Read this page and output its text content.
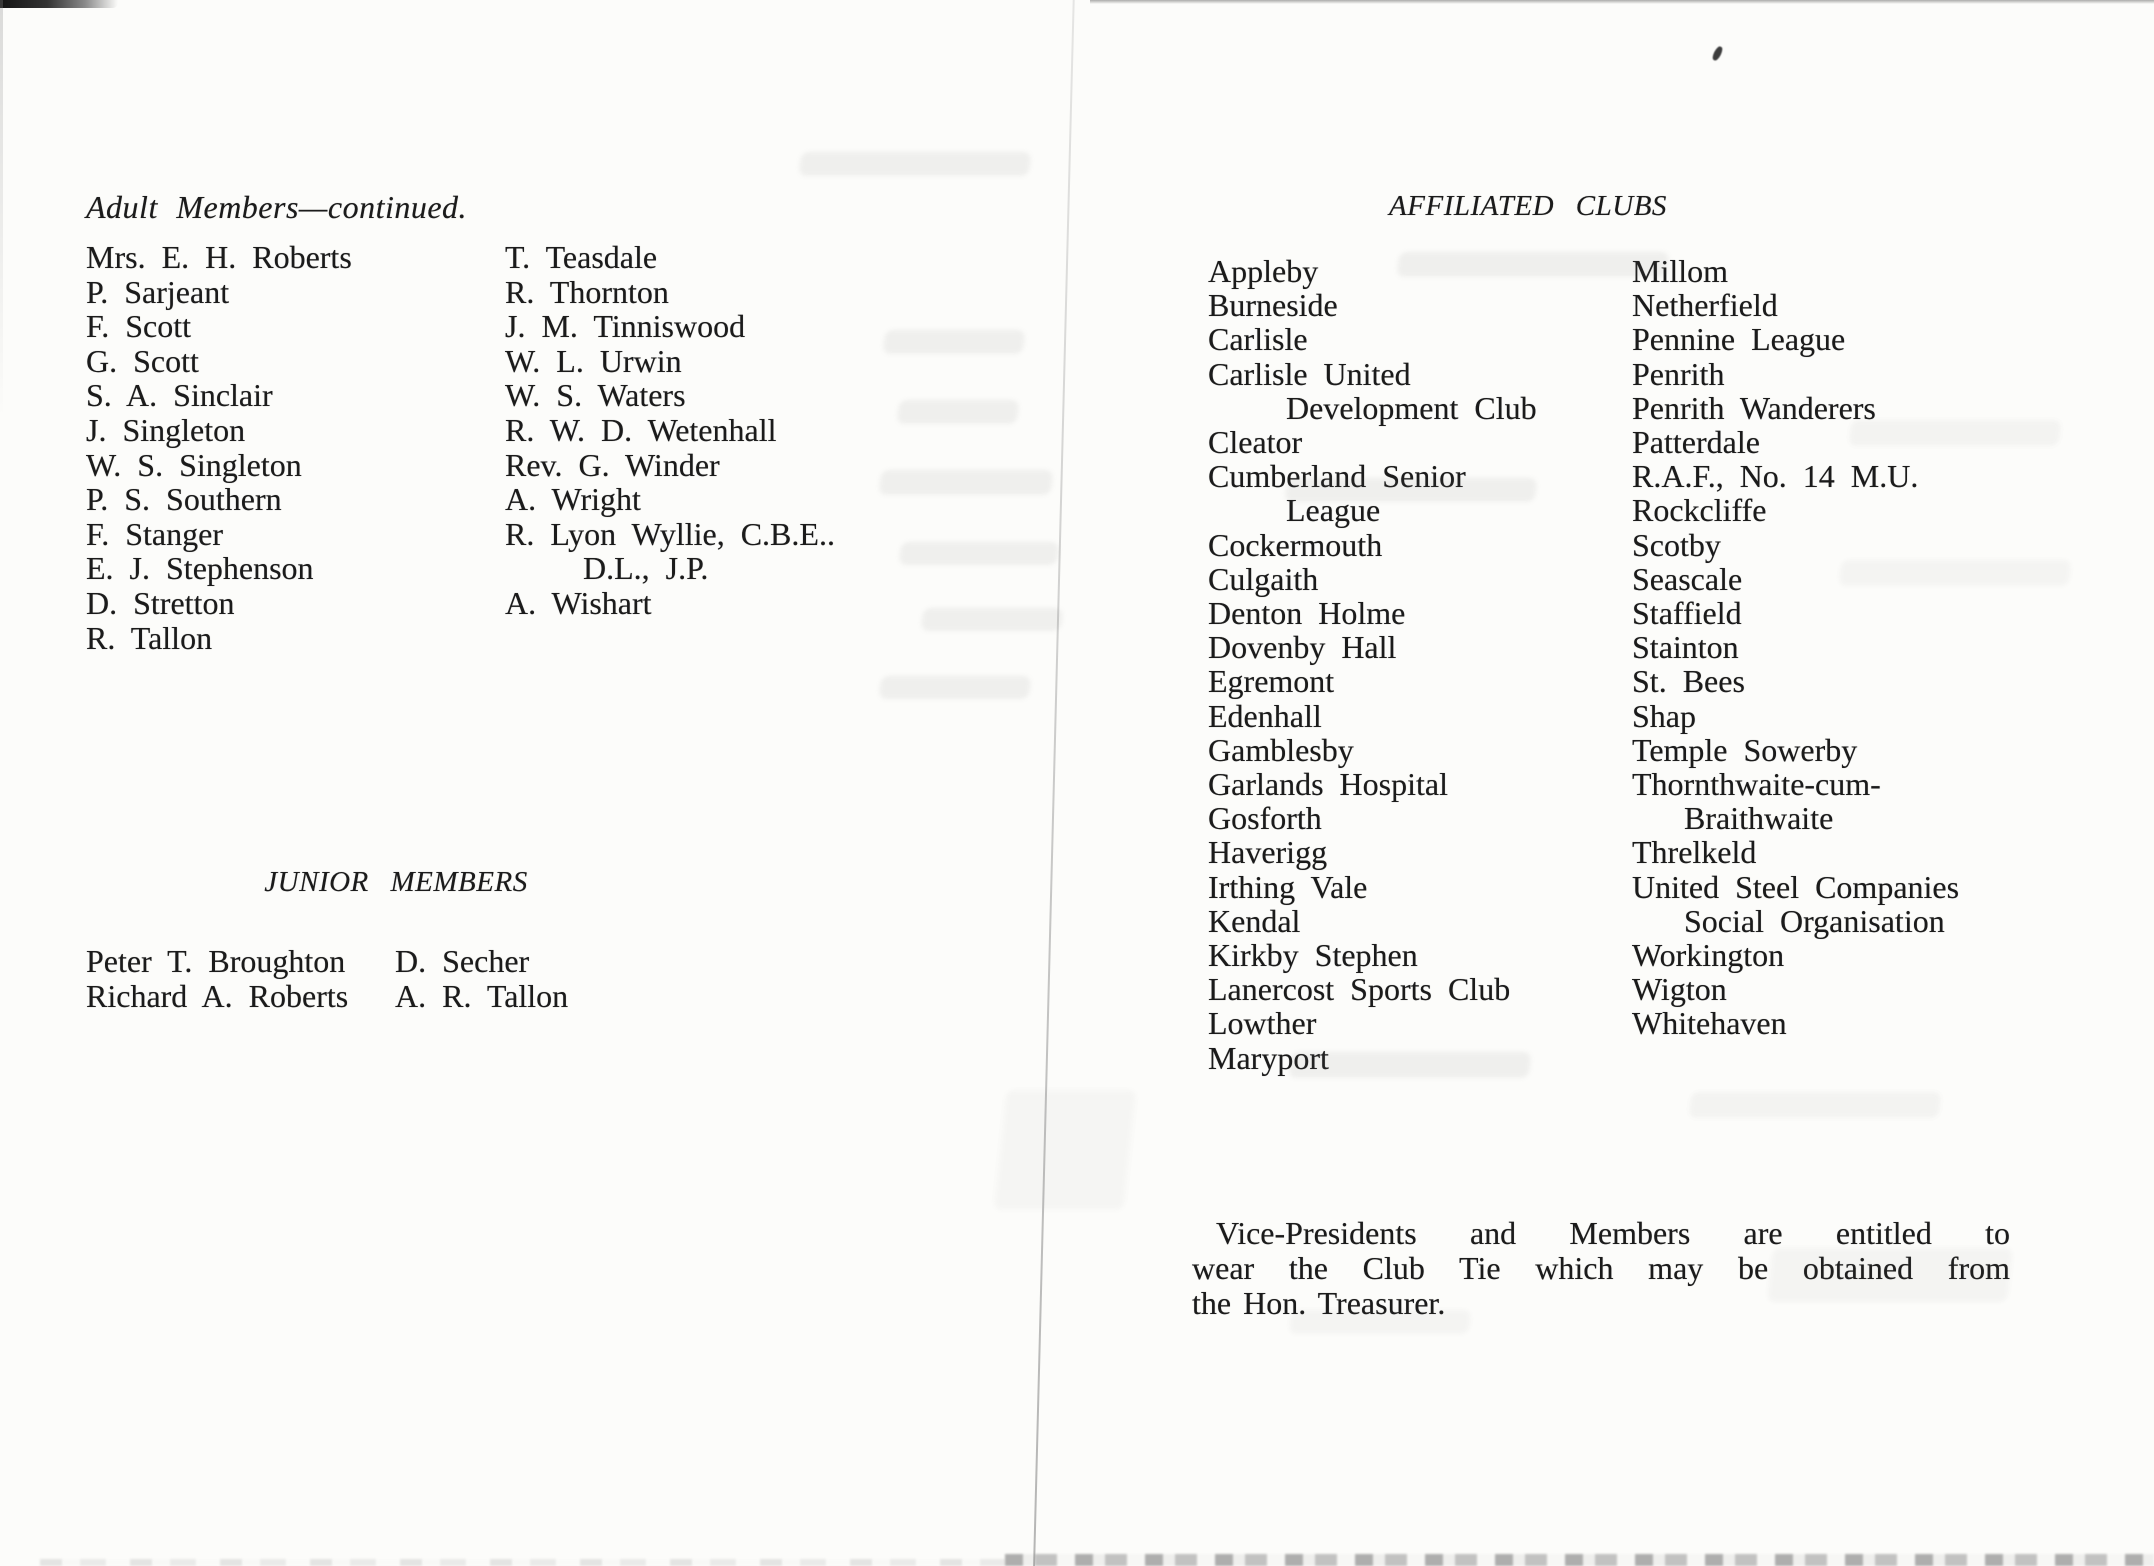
Adult Members—continued.
Mrs. E. H. Roberts
P. Sarjeant
F. Scott
G. Scott
S. A. Sinclair
J. Singleton
W. S. Singleton
P. S. Southern
F. Stanger
E. J. Stephenson
D. Stretton
R. Tallon
T. Teasdale
R. Thornton
J. M. Tinniswood
W. L. Urwin
W. S. Waters
R. W. D. Wetenhall
Rev. G. Winder
A. Wright
R. Lyon Wyllie, C.B.E..
D.L., J.P.
A. Wishart
JUNIOR MEMBERS
Peter T. Broughton
Richard A. Roberts
D. Secher
A. R. Tallon
AFFILIATED CLUBS
Appleby
Burneside
Carlisle
Carlisle United
Development Club
Cleator
Cumberland Senior
League
Cockermouth
Culgaith
Denton Holme
Dovenby Hall
Egremont
Edenhall
Gamblesby
Garlands Hospital
Gosforth
Haverigg
Irthing Vale
Kendal
Kirkby Stephen
Lanercost Sports Club
Lowther
Maryport
Millom
Netherfield
Pennine League
Penrith
Penrith Wanderers
Patterdale
R.A.F., No. 14 M.U.
Rockcliffe
Scotby
Seascale
Staffield
Stainton
St. Bees
Shap
Temple Sowerby
Thornthwaite-cum-
Braithwaite
Threlkeld
United Steel Companies
Social Organisation
Workington
Wigton
Whitehaven
Vice-Presidents and Members are entitled to
wear the Club Tie which may be obtained from
the Hon. Treasurer.
